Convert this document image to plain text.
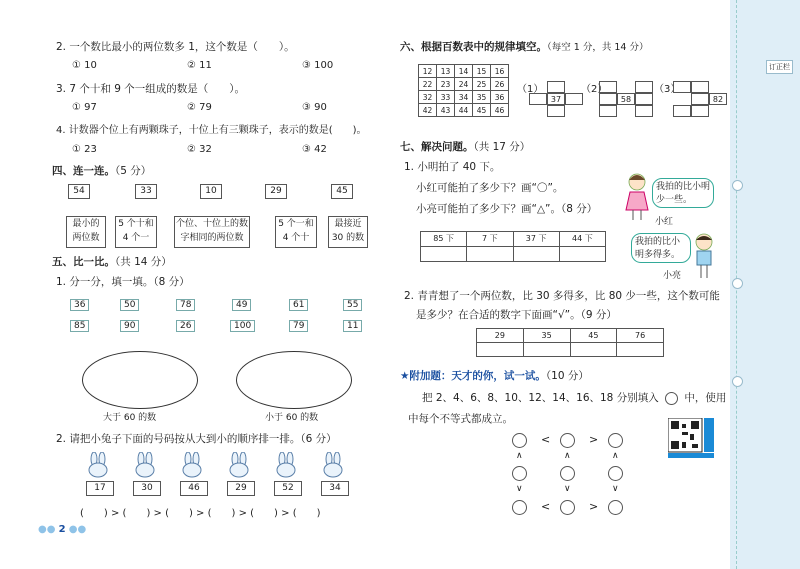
2. 一个数比最小的两位数多 1，这个数是（　　）。
① 10	② 11	③ 100
3. 7 个十和 9 个一组成的数是（　　）。
① 97	② 79	③ 90
4. 计数器个位上有两颗珠子，十位上有三颗珠子，表示的数是(　　)。
① 23	② 32	③ 42
四、连一连。（5 分）
54	33	10	29	45
最小的
两位数
5 个十和
4 个一
个位、十位上的数
字相同的两位数
5 个一和
4 个十
最接近
30 的数
五、比一比。（共 14 分）
1. 分一分，填一填。（8 分）
36
85
50
90
78
26
49
100
61
79
55
11
大于 60 的数	小于 60 的数
2. 请把小兔子下面的号码按从大到小的顺序排一排。（6 分）
17	30	46	29	52	34
(　　) > (　　) > (　　) > (　　) > (　　) > (　　)
●● 2 ●●
六、根据百数表中的规律填空。（每空 1 分，共 14 分）
12	13	14	15	16
22	23	24	25	26
32	33	34	35	36
42	43	44	45	46
（1）
37
（2）
58
（3）
82
七、解决问题。（共 17 分）
1. 小明拍了 40 下。
小红可能拍了多少下？画“〇”。
小亮可能拍了多少下？画“△”。（8 分）
85 下	7 下	37 下	44 下
我拍的比小明少一些。
小红
我拍的比小明多得多。
小亮
2. 青青想了一个两位数，比 30 多得多，比 80 少一些，这个数可能
是多少？在合适的数字下面画“√”。（9 分）
29	35	45	76
★附加题：天才的你，试一试。（10 分）
把 2、4、6、8、10、12、14、16、18 分别填入 中，使用
中每个不等式都成立。
<	>
∧	∧	∧
∨	∨	∨
<	>
订正栏
